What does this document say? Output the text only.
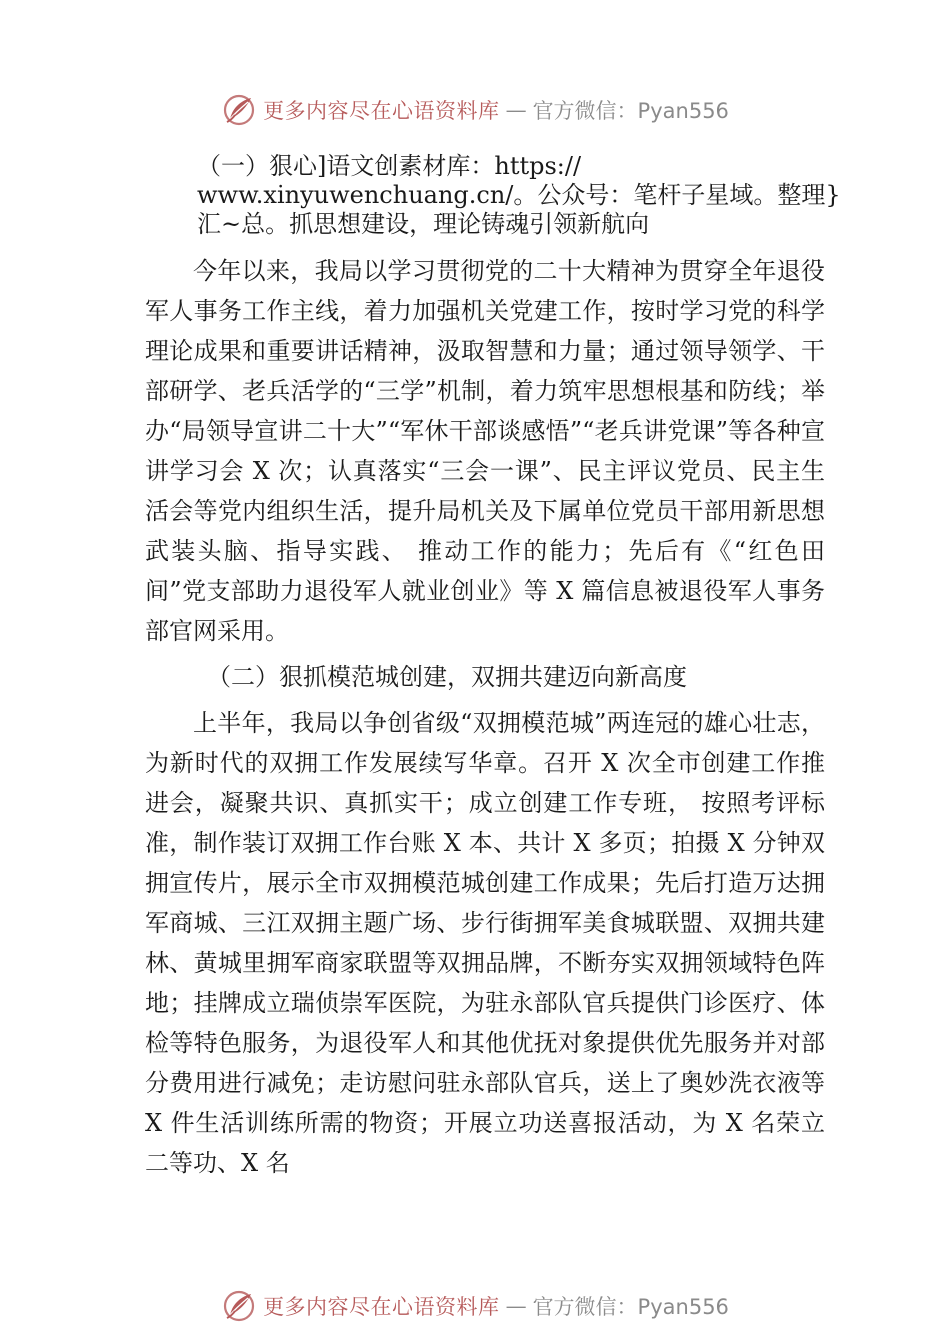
更多内容尽在心语资料库 — 官方微信：Pyan556
（一）狠心]语文创素材库：https://
www.xinyuwenchuang.cn/。公众号：笔杆子星域。整理}
汇~总。抓思想建设，理论铸魂引领新航向

今年以来，我局以学习贯彻党的二十大精神为贯穿全年退役军人事务工作主线，着力加强机关党建工作，按时学习党的科学理论成果和重要讲话精神，汲取智慧和力量；通过领导领学、干部研学、老兵活学的“三学”机制，着力筑牢思想根基和防线；举办“局领导宣讲二十大”“军休干部谈感悟”“老兵讲党课”等各种宣讲学习会 X 次；认真落实“三会一课”、民主评议党员、民主生活会等党内组织生活，提升局机关及下属单位党员干部用新思想武装头脑、指导实践、 推动工作的能力；先后有《“红色田间”党支部助力退役军人就业创业》等 X 篇信息被退役军人事务部官网采用。

（二）狠抓模范城创建，双拥共建迈向新高度

上半年，我局以争创省级“双拥模范城”两连冠的雄心壮志，为新时代的双拥工作发展续写华章。召开 X 次全市创建工作推进会，凝聚共识、真抓实干；成立创建工作专班， 按照考评标准，制作装订双拥工作台账 X 本、共计 X 多页；拍摄 X 分钟双拥宣传片，展示全市双拥模范城创建工作成果；先后打造万达拥军商城、三江双拥主题广场、步行街拥军美食城联盟、双拥共建林、黄城里拥军商家联盟等双拥品牌，不断夯实双拥领域特色阵地；挂牌成立瑞侦崇军医院，为驻永部队官兵提供门诊医疗、体检等特色服务，为退役军人和其他优抚对象提供优先服务并对部分费用进行减免；走访慰问驻永部队官兵，送上了奥妙洗衣液等 X 件生活训练所需的物资；开展立功送喜报活动，为 X 名荣立二等功、X 名

更多内容尽在心语资料库 — 官方微信：Pyan556
